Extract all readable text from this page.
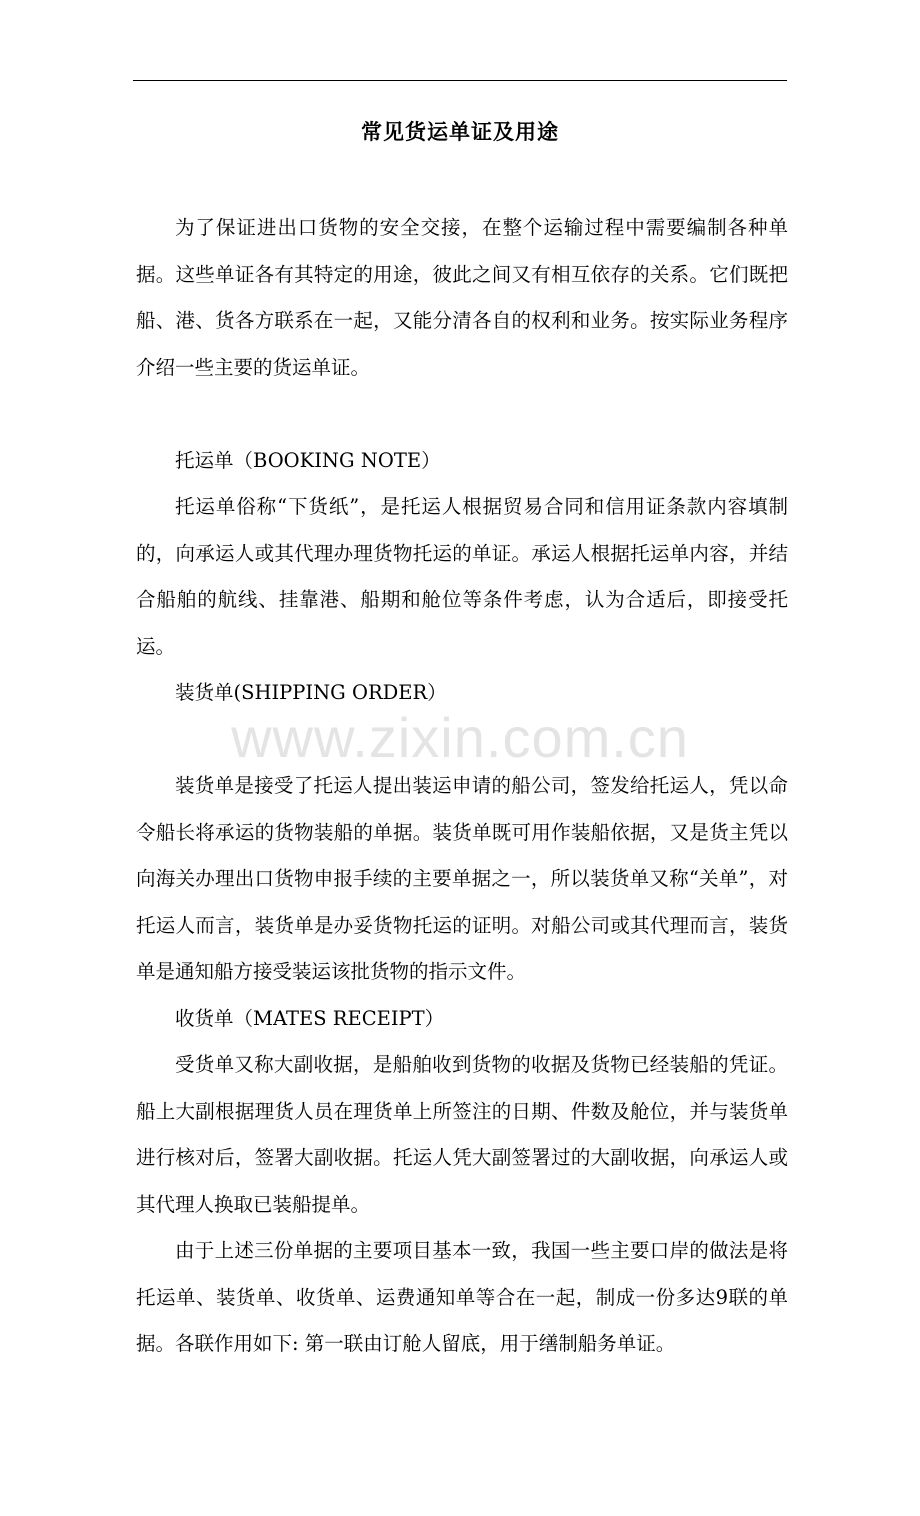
常见货运单证及用途

为了保证进出口货物的安全交接，在整个运输过程中需要编制各种单据。这些单证各有其特定的用途，彼此之间又有相互依存的关系。它们既把船、港、货各方联系在一起，又能分清各自的权利和业务。按实际业务程序介绍一些主要的货运单证。

托运单（BOOKING NOTE）

托运单俗称“下货纸”，是托运人根据贸易合同和信用证条款内容填制的，向承运人或其代理办理货物托运的单证。承运人根据托运单内容，并结合船舶的航线、挂靠港、船期和舱位等条件考虑，认为合适后，即接受托运。

装货单(SHIPPING ORDER）

装货单是接受了托运人提出装运申请的船公司，签发给托运人，凭以命令船长将承运的货物装船的单据。装货单既可用作装船依据，又是货主凭以向海关办理出口货物申报手续的主要单据之一，所以装货单又称“关单”，对托运人而言，装货单是办妥货物托运的证明。对船公司或其代理而言，装货单是通知船方接受装运该批货物的指示文件。

收货单（MATES RECEIPT）

受货单又称大副收据，是船舶收到货物的收据及货物已经装船的凭证。船上大副根据理货人员在理货单上所签注的日期、件数及舱位，并与装货单进行核对后，签署大副收据。托运人凭大副签署过的大副收据，向承运人或其代理人换取已装船提单。

由于上述三份单据的主要项目基本一致，我国一些主要口岸的做法是将托运单、装货单、收货单、运费通知单等合在一起，制成一份多达9联的单据。各联作用如下: 第一联由订舱人留底，用于缮制船务单证。

www.zixin.com.cn
